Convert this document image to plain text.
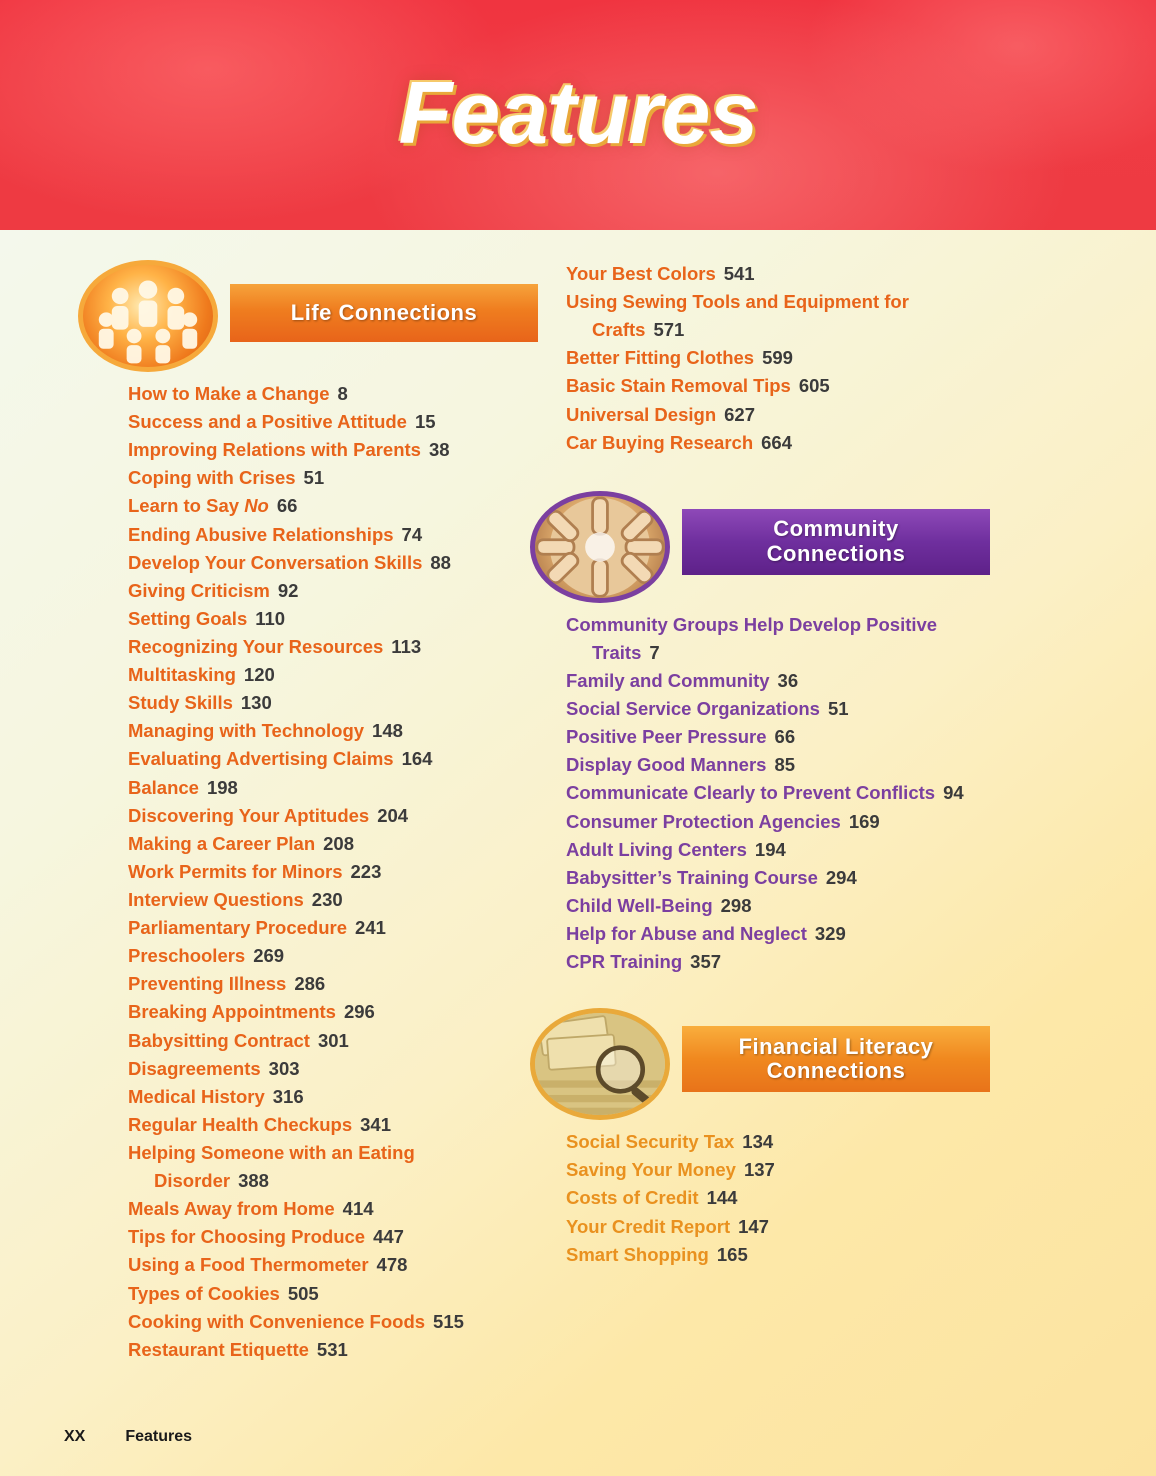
Features
Life Connections
How to Make a Change 8
Success and a Positive Attitude 15
Improving Relations with Parents 38
Coping with Crises 51
Learn to Say No 66
Ending Abusive Relationships 74
Develop Your Conversation Skills 88
Giving Criticism 92
Setting Goals 110
Recognizing Your Resources 113
Multitasking 120
Study Skills 130
Managing with Technology 148
Evaluating Advertising Claims 164
Balance 198
Discovering Your Aptitudes 204
Making a Career Plan 208
Work Permits for Minors 223
Interview Questions 230
Parliamentary Procedure 241
Preschoolers 269
Preventing Illness 286
Breaking Appointments 296
Babysitting Contract 301
Disagreements 303
Medical History 316
Regular Health Checkups 341
Helping Someone with an Eating Disorder 388
Meals Away from Home 414
Tips for Choosing Produce 447
Using a Food Thermometer 478
Types of Cookies 505
Cooking with Convenience Foods 515
Restaurant Etiquette 531
Your Best Colors 541
Using Sewing Tools and Equipment for Crafts 571
Better Fitting Clothes 599
Basic Stain Removal Tips 605
Universal Design 627
Car Buying Research 664
Community
Connections
Community Groups Help Develop Positive Traits 7
Family and Community 36
Social Service Organizations 51
Positive Peer Pressure 66
Display Good Manners 85
Communicate Clearly to Prevent Conflicts 94
Consumer Protection Agencies 169
Adult Living Centers 194
Babysitter’s Training Course 294
Child Well-Being 298
Help for Abuse and Neglect 329
CPR Training 357
Financial Literacy
Connections
Social Security Tax 134
Saving Your Money 137
Costs of Credit 144
Your Credit Report 147
Smart Shopping 165
XX	Features
